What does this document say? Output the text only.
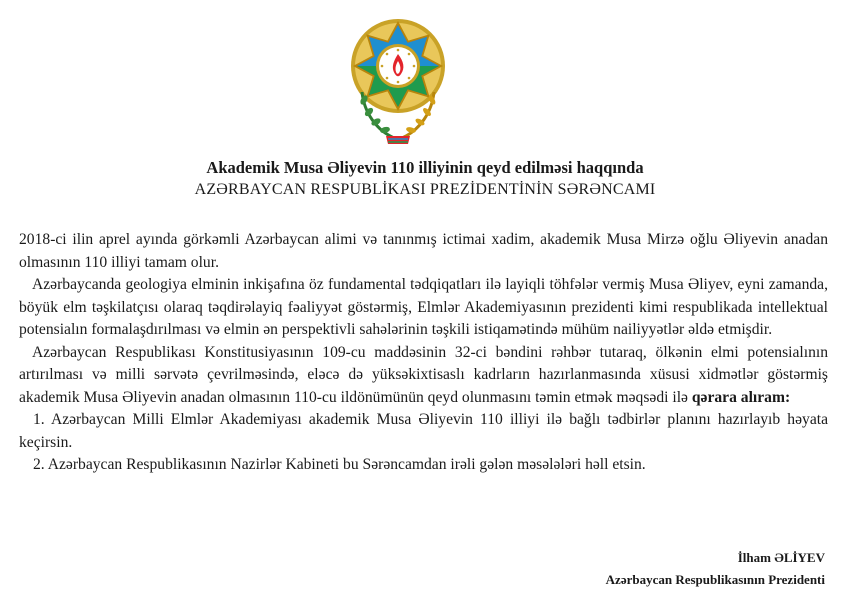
Akademik Musa Əliyevin 110 illiyinin qeyd edilməsi haqqında
AZƏRBAYCAN RESPUBLİKASI PREZİDENTİNİN SƏRƏNCAMI

2018-ci ilin aprel ayında görkəmli Azərbaycan alimi və tanınmış ictimai xadim, akademik Musa Mirzə oğlu Əliyevin anadan olmasının 110 illiyi tamam olur.

Azərbaycanda geologiya elminin inkişafına öz fundamental tədqiqatları ilə layiqli töhfələr vermiş Musa Əliyev, eyni zamanda, böyük elm təşkilatçısı olaraq təqdirəlayiq fəaliyyət göstərmiş, Elmlər Akademiyasının prezidenti kimi respublikada intellektual potensialın formalaşdırılması və elmin ən perspektivli sahələrinin təşkili istiqamətində mühüm nailiyyətlər əldə etmişdir.

Azərbaycan Respublikası Konstitusiyasının 109-cu maddəsinin 32-ci bəndini rəhbər tutaraq, ölkənin elmi potensialının artırılması və milli sərvətə çevrilməsində, eləcə də yüksəkixtisaslı kadrların hazırlanmasında xüsusi xidmətlər göstərmiş akademik Musa Əliyevin anadan olmasının 110-cu ildönümünün qeyd olunmasını təmin etmək məqsədi ilə qərara alıram:

1. Azərbaycan Milli Elmlər Akademiyası akademik Musa Əliyevin 110 illiyi ilə bağlı tədbirlər planını hazırlayıb həyata keçirsin.

2. Azərbaycan Respublikasının Nazirlər Kabineti bu Sərəncamdan irəli gələn məsələləri həll etsin.

İlham ƏLİYEV
Azərbaycan Respublikasının Prezidenti
